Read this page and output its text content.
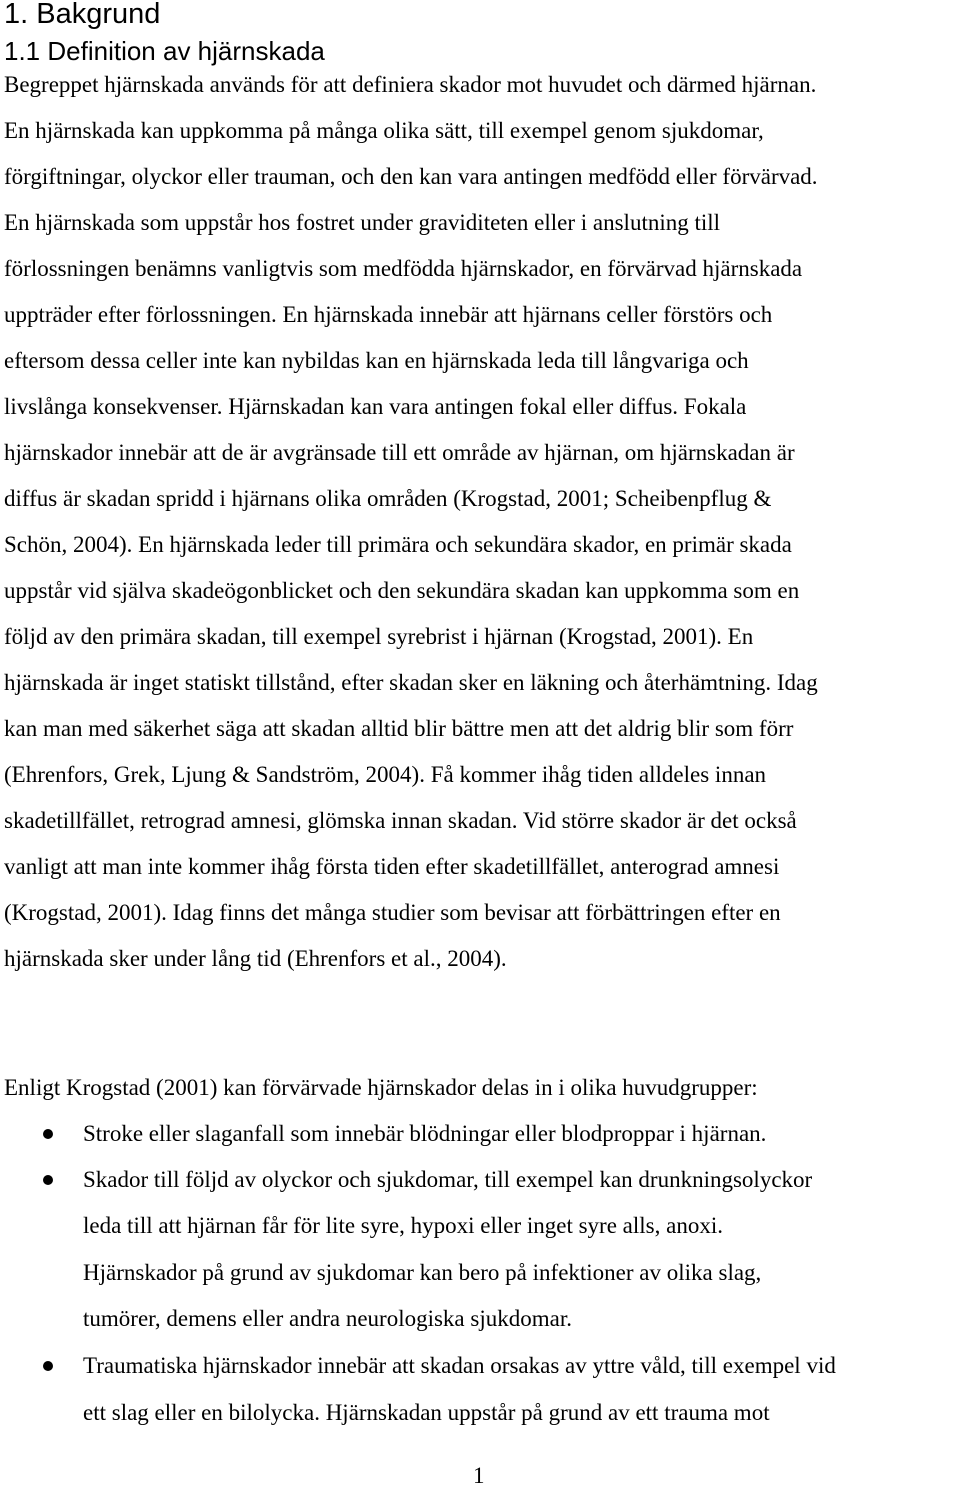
1. Bakgrund
1.1 Definition av hjärnskada
Begreppet hjärnskada används för att definiera skador mot huvudet och därmed hjärnan.
En hjärnskada kan uppkomma på många olika sätt, till exempel genom sjukdomar,
förgiftningar, olyckor eller trauman, och den kan vara antingen medfödd eller förvärvad.
En hjärnskada som uppstår hos fostret under graviditeten eller i anslutning till
förlossningen benämns vanligtvis som medfödda hjärnskador, en förvärvad hjärnskada
uppträder efter förlossningen. En hjärnskada innebär att hjärnans celler förstörs och
eftersom dessa celler inte kan nybildas kan en hjärnskada leda till långvariga och
livslånga konsekvenser. Hjärnskadan kan vara antingen fokal eller diffus. Fokala
hjärnskador innebär att de är avgränsade till ett område av hjärnan, om hjärnskadan är
diffus är skadan spridd i hjärnans olika områden (Krogstad, 2001; Scheibenpflug &
Schön, 2004). En hjärnskada leder till primära och sekundära skador, en primär skada
uppstår vid själva skadeögonblicket och den sekundära skadan kan uppkomma som en
följd av den primära skadan, till exempel syrebrist i hjärnan (Krogstad, 2001). En
hjärnskada är inget statiskt tillstånd, efter skadan sker en läkning och återhämtning. Idag
kan man med säkerhet säga att skadan alltid blir bättre men att det aldrig blir som förr
(Ehrenfors, Grek, Ljung & Sandström, 2004). Få kommer ihåg tiden alldeles innan
skadetillfället, retrograd amnesi, glömska innan skadan. Vid större skador är det också
vanligt att man inte kommer ihåg första tiden efter skadetillfället, anterograd amnesi
(Krogstad, 2001). Idag finns det många studier som bevisar att förbättringen efter en
hjärnskada sker under lång tid (Ehrenfors et al., 2004).
Enligt Krogstad (2001) kan förvärvade hjärnskador delas in i olika huvudgrupper:
Stroke eller slaganfall som innebär blödningar eller blodproppar i hjärnan.
Skador till följd av olyckor och sjukdomar, till exempel kan drunkningsolyckor
leda till att hjärnan får för lite syre, hypoxi eller inget syre alls, anoxi.
Hjärnskador på grund av sjukdomar kan bero på infektioner av olika slag,
tumörer, demens eller andra neurologiska sjukdomar.
Traumatiska hjärnskador innebär att skadan orsakas av yttre våld, till exempel vid
ett slag eller en bilolycka. Hjärnskadan uppstår på grund av ett trauma mot
1
